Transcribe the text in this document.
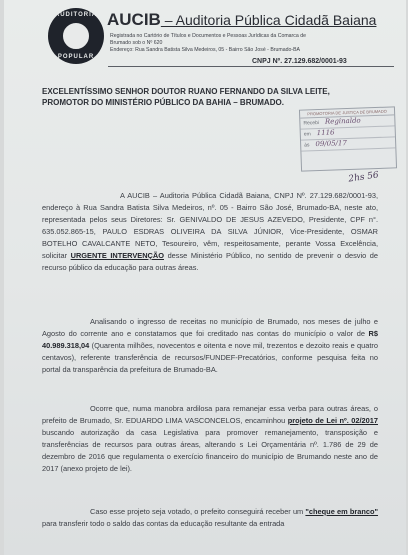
AUDITORIA
POPULAR
AUCIB – Auditoria Pública Cidadã Baiana
Registrada no Cartório de Títulos e Documentos e Pessoas Jurídicas da Comarca de
Brumado sob o Nº 620
Endereço: Rua Sandra Batista Silva Medeiros, 05 - Bairro São José - Brumado-BA
CNPJ Nº. 27.129.682/0001-93
EXCELENTÍSSIMO SENHOR DOUTOR RUANO FERNANDO DA SILVA LEITE,
PROMOTOR DO MINISTÉRIO PÚBLICO DA BAHIA – BRUMADO.
PROMOTORIA DE JUSTIÇA DE BRUMADO
Recebi Reginaldo
em 1116
às 09/05/17
2hs 56

A AUCIB – Auditoria Pública Cidadã Baiana, CNPJ Nº. 27.129.682/0001-93, endereço à Rua Sandra Batista Silva Medeiros, nº. 05 - Bairro São José, Brumado-BA, neste ato, representada pelos seus Diretores: Sr. GENIVALDO DE JESUS AZEVEDO, Presidente, CPF n°. 635.052.865-15, PAULO ESDRAS OLIVEIRA DA SILVA JÚNIOR, Vice-Presidente, OSMAR BOTELHO CAVALCANTE NETO, Tesoureiro, vêm, respeitosamente, perante Vossa Excelência, solicitar URGENTE INTERVENÇÃO desse Ministério Público, no sentido de prevenir o desvio de recurso público da educação para outras áreas.

Analisando o ingresso de receitas no município de Brumado, nos meses de julho e Agosto do corrente ano e constatamos que foi creditado nas contas do município o valor de R$ 40.989.318,04 (Quarenta milhões, novecentos e oitenta e nove mil, trezentos e dezoito reais e quatro centavos), referente transferência de recursos/FUNDEF-Precatórios, conforme pesquisa feita no portal da transparência da prefeitura de Brumado-BA.

Ocorre que, numa manobra ardilosa para remanejar essa verba para outras áreas, o prefeito de Brumado, Sr. EDUARDO LIMA VASCONCELOS, encaminhou projeto de Lei nº. 02/2017 buscando autorização da casa Legislativa para promover remanejamento, transposição e transferências de recursos para outras áreas, alterando s Lei Orçamentária nº. 1.786 de 29 de dezembro de 2016 que regulamenta o exercício financeiro do município de Brumando neste ano de 2017 (anexo projeto de lei).

Caso esse projeto seja votado, o prefeito conseguirá receber um "cheque em branco" para transferir todo o saldo das contas da educação resultante da entrada
